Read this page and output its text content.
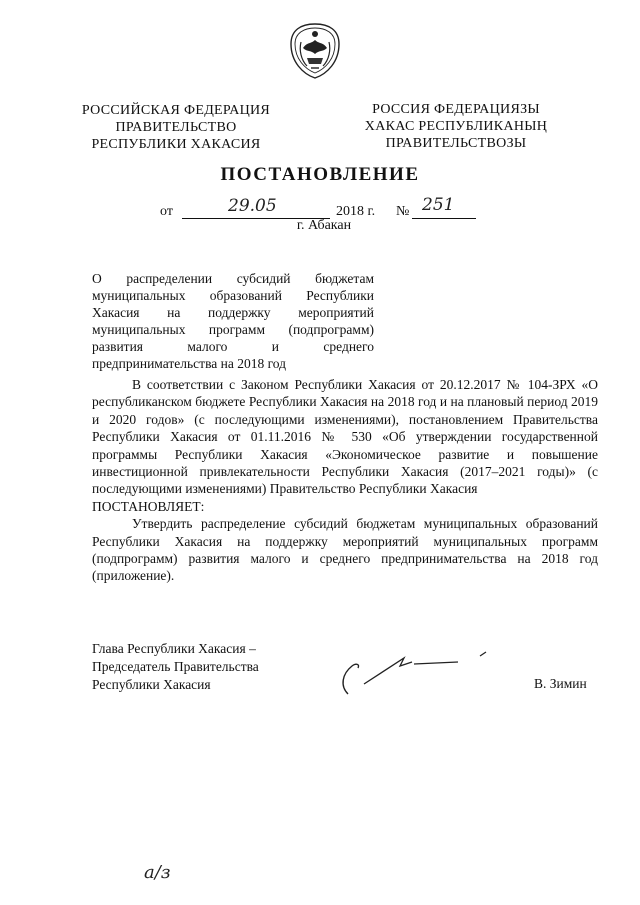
РОССИЙСКАЯ ФЕДЕРАЦИЯ
ПРАВИТЕЛЬСТВО
РЕСПУБЛИКИ ХАКАСИЯ
РОССИЯ ФЕДЕРАЦИЯЗЫ
ХАКАС РЕСПУБЛИКАНЫҢ
ПРАВИТЕЛЬСТВОЗЫ
ПОСТАНОВЛЕНИЕ
от	29.05	2018 г. № 251
г. Абакан
О распределении субсидий бюджетам муниципальных образований Республики Хакасия на поддержку мероприятий муниципальных программ (подпрограмм) развития малого и среднего предпринимательства на 2018 год

В соответствии с Законом Республики Хакасия от 20.12.2017 № 104-ЗРХ «О республиканском бюджете Республики Хакасия на 2018 год и на плановый период 2019 и 2020 годов» (с последующими изменениями), постановлением Правительства Республики Хакасия от 01.11.2016 № 530 «Об утверждении государственной программы Республики Хакасия «Экономическое развитие и повышение инвестиционной привлекательности Республики Хакасия (2017–2021 годы)» (с последующими изменениями) Правительство Республики Хакасия

ПОСТАНОВЛЯЕТ:

Утвердить распределение субсидий бюджетам муниципальных образований Республики Хакасия на поддержку мероприятий муниципальных программ (подпрограмм) развития малого и среднего предпринимательства на 2018 год (приложение).

Глава Республики Хакасия –
Председатель Правительства
Республики Хакасия	В. Зимин
а/з
